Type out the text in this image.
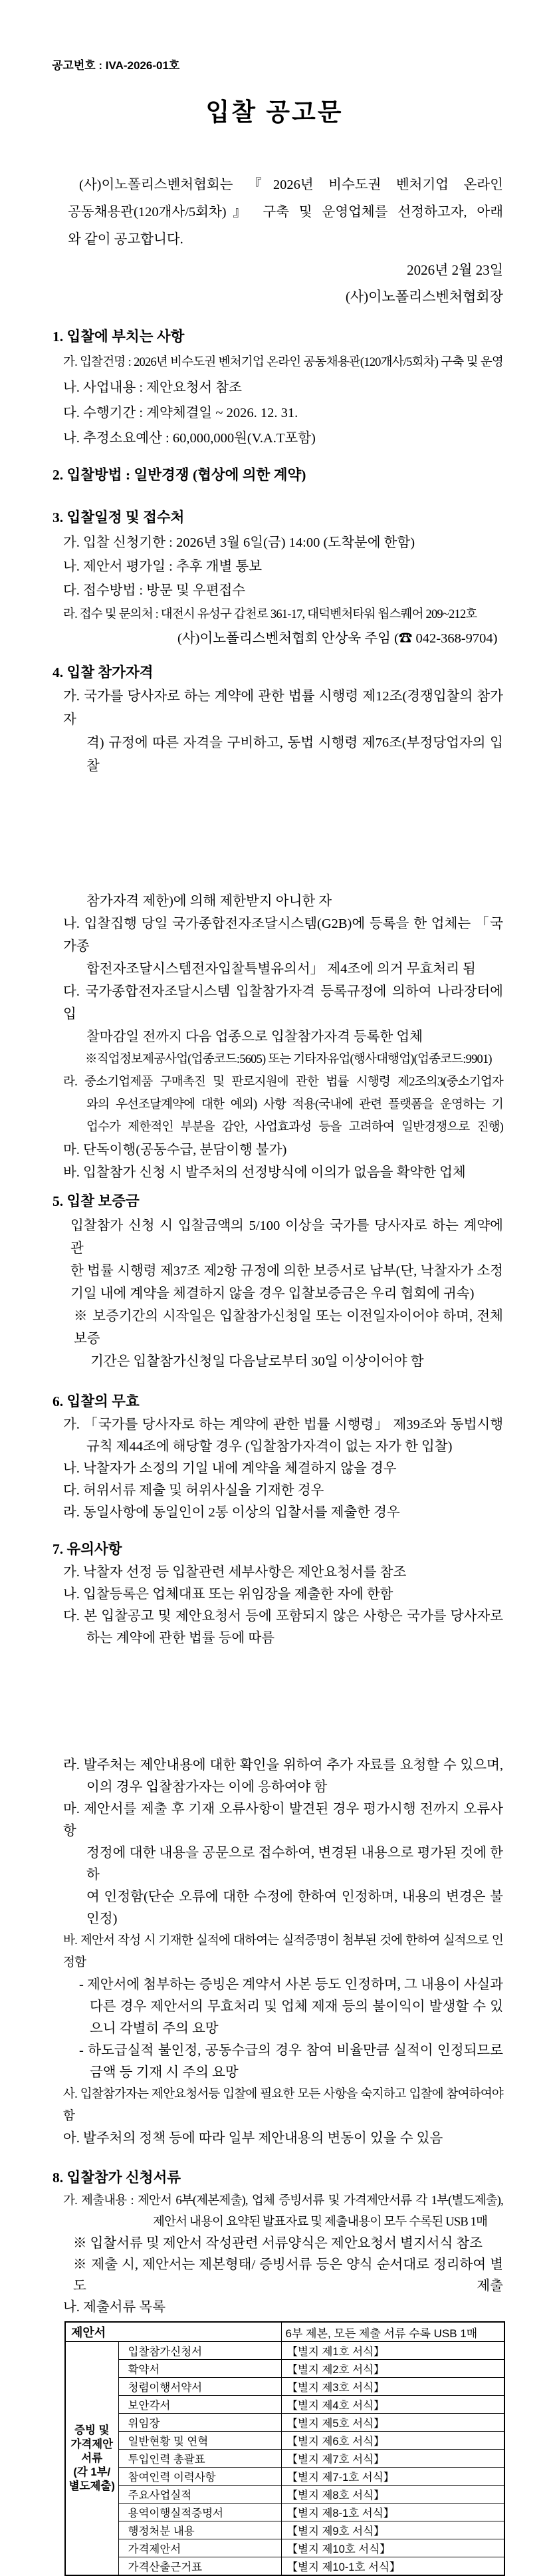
공고번호 : IVA-2026-01호
입찰 공고문
(사)이노폴리스벤처협회는 『2026년 비수도권 벤처기업 온라인
공동채용관(120개사/5회차)』 구축 및 운영업체를 선정하고자, 아래
와 같이 공고합니다.
2026년 2월 23일
(사)이노폴리스벤처협회장
1. 입찰에 부치는 사항
가. 입찰건명 : 2026년 비수도권 벤처기업 온라인 공동채용관(120개사/5회차) 구축 및 운영
나. 사업내용 : 제안요청서 참조
다. 수행기간 : 계약체결일 ~ 2026. 12. 31.
나. 추정소요예산 : 60,000,000원(V.A.T포함)
2. 입찰방법 : 일반경쟁 (협상에 의한 계약)
3. 입찰일정 및 접수처
가. 입찰 신청기한 : 2026년 3월 6일(금) 14:00 (도착분에 한함)
나. 제안서 평가일 : 추후 개별 통보
다. 접수방법 : 방문 및 우편접수
라. 접수 및 문의처 : 대전시 유성구 갑천로 361-17, 대덕벤처타워 웝스퀘어 209~212호
(사)이노폴리스벤처협회 안상욱 주임 (☎ 042-368-9704)
4. 입찰 참가자격
가. 국가를 당사자로 하는 계약에 관한 법률 시행령 제12조(경쟁입찰의 참가자
격) 규정에 따른 자격을 구비하고, 동법 시행령 제76조(부정당업자의 입찰
참가자격 제한)에 의해 제한받지 아니한 자
나. 입찰집행 당일 국가종합전자조달시스템(G2B)에 등록을 한 업체는 「국가종
합전자조달시스템전자입찰특별유의서」 제4조에 의거 무효처리 됨
다. 국가종합전자조달시스템 입찰참가자격 등록규정에 의하여 나라장터에 입
찰마감일 전까지 다음 업종으로 입찰참가자격 등록한 업체
※직업정보제공사업(업종코드:5605) 또는 기타자유업(행사대행업)(업종코드:9901)
라. 중소기업제품 구매촉진 및 판로지원에 관한 법률 시행령 제2조의3(중소기업자
와의 우선조달계약에 대한 예외) 사항 적용(국내에 관련 플랫폼을 운영하는 기
업수가 제한적인 부분을 감안, 사업효과성 등을 고려하여 일반경쟁으로 진행)
마. 단독이행(공동수급, 분담이행 불가)
바. 입찰참가 신청 시 발주처의 선정방식에 이의가 없음을 확약한 업체
5. 입찰 보증금
입찰참가 신청 시 입찰금액의 5/100 이상을 국가를 당사자로 하는 계약에 관
한 법률 시행령 제37조 제2항 규정에 의한 보증서로 납부(단, 낙찰자가 소정
기일 내에 계약을 체결하지 않을 경우 입찰보증금은 우리 협회에 귀속)
※ 보증기간의 시작일은 입찰참가신청일 또는 이전일자이어야 하며, 전체 보증
기간은 입찰참가신청일 다음날로부터 30일 이상이어야 함
6. 입찰의 무효
가. 「국가를 당사자로 하는 계약에 관한 법률 시행령」 제39조와 동법시행
규칙 제44조에 해당할 경우 (입찰참가자격이 없는 자가 한 입찰)
나. 낙찰자가 소정의 기일 내에 계약을 체결하지 않을 경우
다. 허위서류 제출 및 허위사실을 기재한 경우
라. 동일사항에 동일인이 2통 이상의 입찰서를 제출한 경우
7. 유의사항
가. 낙찰자 선정 등 입찰관련 세부사항은 제안요청서를 참조
나. 입찰등록은 업체대표 또는 위임장을 제출한 자에 한함
다. 본 입찰공고 및 제안요청서 등에 포함되지 않은 사항은 국가를 당사자로
하는 계약에 관한 법률 등에 따름
라. 발주처는 제안내용에 대한 확인을 위하여 추가 자료를 요청할 수 있으며,
이의 경우 입찰참가자는 이에 응하여야 함
마. 제안서를 제출 후 기재 오류사항이 발견된 경우 평가시행 전까지 오류사항
정정에 대한 내용을 공문으로 접수하여, 변경된 내용으로 평가된 것에 한하
여 인정함(단순 오류에 대한 수정에 한하여 인정하며, 내용의 변경은 불인정)
바. 제안서 작성 시 기재한 실적에 대하여는 실적증명이 첨부된 것에 한하여 실적으로 인정함
- 제안서에 첨부하는 증빙은 계약서 사본 등도 인정하며, 그 내용이 사실과
다른 경우 제안서의 무효처리 및 업체 제재 등의 불이익이 발생할 수 있
으니 각별히 주의 요망
- 하도급실적 불인정, 공동수급의 경우 참여 비율만큼 실적이 인정되므로
금액 등 기재 시 주의 요망
사. 입찰참가자는 제안요청서등 입찰에 필요한 모든 사항을 숙지하고 입찰에 참여하여야 함
아. 발주처의 정책 등에 따라 일부 제안내용의 변동이 있을 수 있음
8. 입찰참가 신청서류
가. 제출내용 : 제안서 6부(제본제출), 업체 증빙서류 및 가격제안서류 각 1부(별도제출),
제안서 내용이 요약된 발표자료 및 제출내용이 모두 수록된 USB 1매
※ 입찰서류 및 제안서 작성관련 서류양식은 제안요청서 별지서식 참조
※ 제출 시, 제안서는 제본형태/ 증빙서류 등은 양식 순서대로 정리하여 별도 제출
나. 제출서류 목록
제안서		6부 제본, 모든 제출 서류 수록 USB 1매

증빙 및
가격제안
서류
(각 1부/
별도제출)	입찰참가신청서	【별지 제1호 서식】
	확약서	【별지 제2호 서식】
	청렴이행서약서	【별지 제3호 서식】
	보안각서	【별지 제4호 서식】
	위임장	【별지 제5호 서식】
	일반현황 및 연혁	【별지 제6호 서식】
	투입인력 총괄표	【별지 제7호 서식】
	참여인력 이력사항	【별지 제7-1호 서식】
	주요사업실적	【별지 제8호 서식】
	용역이행실적증명서	【별지 제8-1호 서식】
	행정처분 내용	【별지 제9호 서식】
	가격제안서	【별지 제10호 서식】
	가격산출근거표	【별지 제10-1호 서식】
